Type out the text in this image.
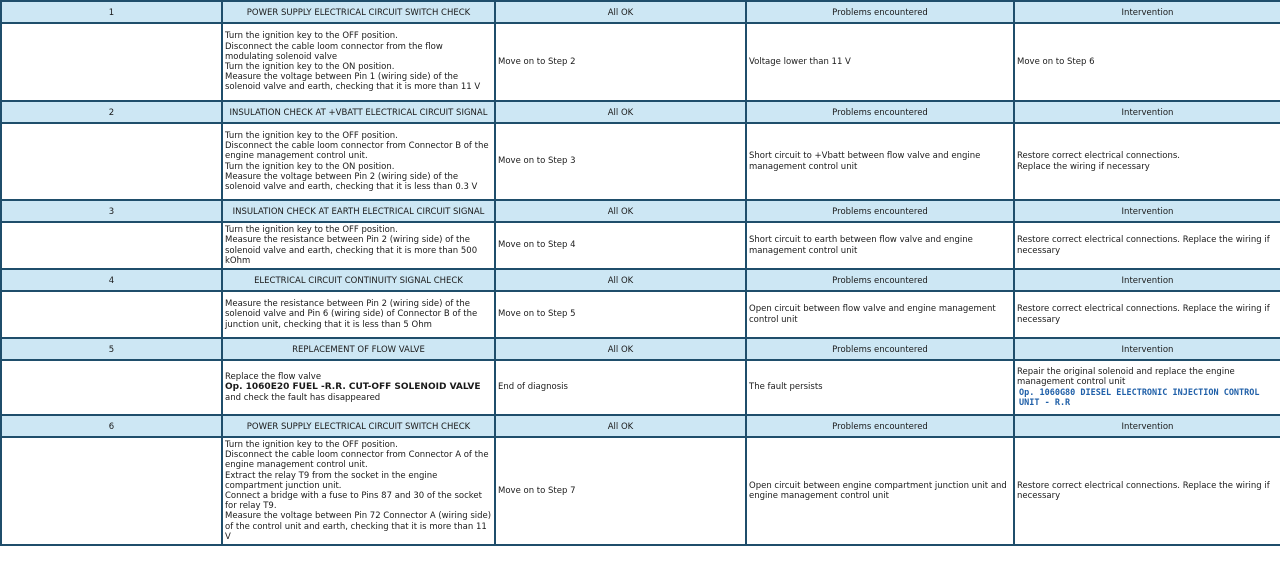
1	POWER SUPPLY ELECTRICAL CIRCUIT SWITCH CHECK	All OK	Problems encountered	Intervention

	Turn the ignition key to the OFF position.
Disconnect the cable loom connector from the flow modulating solenoid valve
Turn the ignition key to the ON position.
Measure the voltage between Pin 1 (wiring side) of the solenoid valve and earth, checking that it is more than 11 V	Move on to Step 2	Voltage lower than 11 V	Move on to Step 6
2	INSULATION CHECK AT +VBATT ELECTRICAL CIRCUIT SIGNAL	All OK	Problems encountered	Intervention

	Turn the ignition key to the OFF position.
Disconnect the cable loom connector from Connector B of the engine management control unit.
Turn the ignition key to the ON position.
Measure the voltage between Pin 2 (wiring side) of the solenoid valve and earth, checking that it is less than 0.3 V	Move on to Step 3	Short circuit to +Vbatt between flow valve and engine management control unit	Restore correct electrical connections.
Replace the wiring if necessary

3	INSULATION CHECK AT EARTH ELECTRICAL CIRCUIT SIGNAL	All OK	Problems encountered	Intervention

	Turn the ignition key to the OFF position.
Measure the resistance between Pin 2 (wiring side) of the solenoid valve and earth, checking that it is more than 500 kOhm	Move on to Step 4	Short circuit to earth between flow valve and engine management control unit	Restore correct electrical connections. Replace the wiring if necessary
4	ELECTRICAL CIRCUIT CONTINUITY SIGNAL CHECK	All OK	Problems encountered	Intervention

	Measure the resistance between Pin 2 (wiring side) of the solenoid valve and Pin 6 (wiring side) of Connector B of the junction unit, checking that it is less than 5 Ohm	Move on to Step 5	Open circuit between flow valve and engine management control unit	Restore correct electrical connections. Replace the wiring if necessary
5	REPLACEMENT OF FLOW VALVE	All OK	Problems encountered	Intervention

	Replace the flow valve
Op. 1060E20 FUEL -R.R. CUT-OFF SOLENOID VALVE
and check the fault has disappeared	End of diagnosis	The fault persists	Repair the original solenoid and replace the engine management control unit
Op. 1060G80 DIESEL ELECTRONIC INJECTION CONTROL UNIT - R.R

6	POWER SUPPLY ELECTRICAL CIRCUIT SWITCH CHECK	All OK	Problems encountered	Intervention

	Turn the ignition key to the OFF position.
Disconnect the cable loom connector from Connector A of the engine management control unit.
Extract the relay T9 from the socket in the engine compartment junction unit.
Connect a bridge with a fuse to Pins 87 and 30 of the socket for relay T9.
Measure the voltage between Pin 72 Connector A (wiring side) of the control unit and earth, checking that it is more than 11 V	Move on to Step 7	Open circuit between engine compartment junction unit and engine management control unit	Restore correct electrical connections. Replace the wiring if necessary
